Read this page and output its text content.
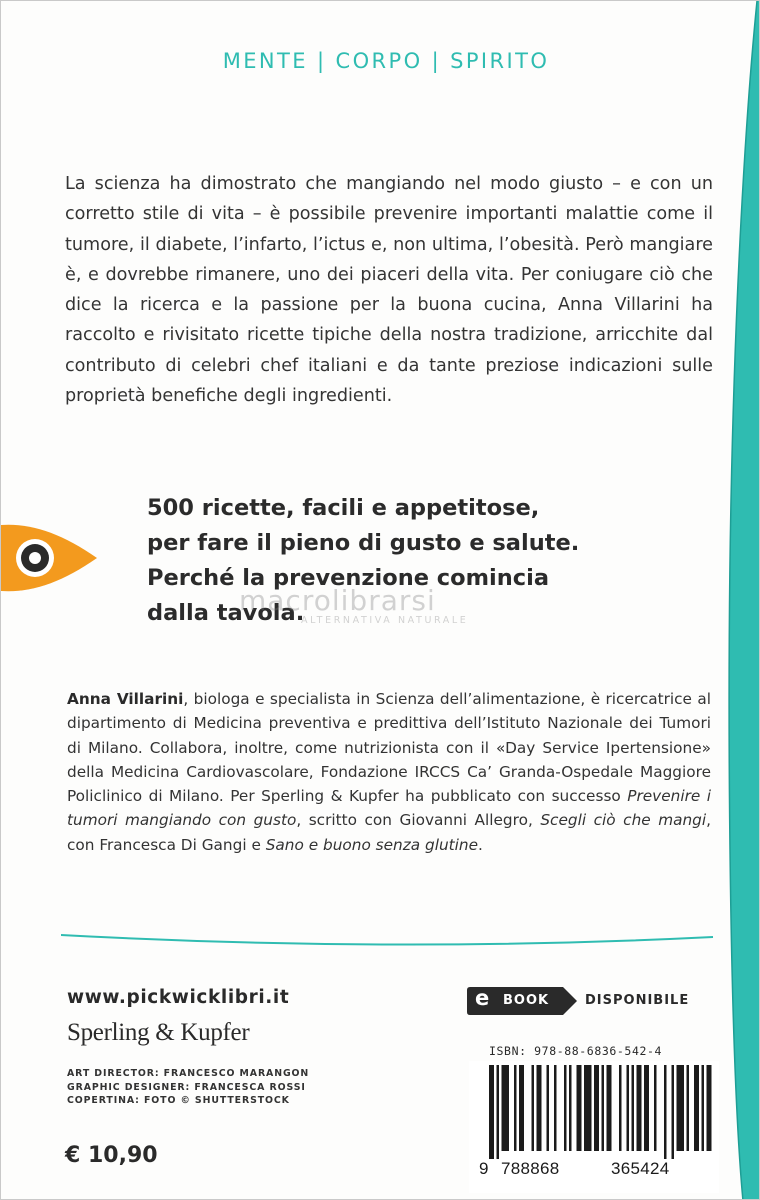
MENTE | CORPO | SPIRITO
La scienza ha dimostrato che mangiando nel modo giusto – e con un corretto stile di vita – è possibile prevenire importanti malattie come il tumore, il diabete, l’infarto, l’ictus e, non ultima, l’obesità. Però mangiare è, e dovrebbe rimanere, uno dei piaceri della vita. Per coniugare ciò che dice la ricerca e la passione per la buona cucina, Anna Villarini ha raccolto e rivisitato ricette tipiche della nostra tradizione, arricchite dal contributo di celebri chef italiani e da tante preziose indicazioni sulle proprietà benefiche degli ingredienti.
500 ricette, facili e appetitose,
per fare il pieno di gusto e salute.
Perché la prevenzione comincia
dalla tavola.
macrolibrarsi
ALTERNATIVA NATURALE
Anna Villarini, biologa e specialista in Scienza dell’alimentazione, è ricercatrice al dipartimento di Medicina preventiva e predittiva dell’Istituto Nazionale dei Tumori di Milano. Collabora, inoltre, come nutrizionista con il «Day Service Ipertensione» della Medicina Cardiovascolare, Fondazione IRCCS Ca’ Granda-Ospedale Maggiore Policlinico di Milano. Per Sperling & Kupfer ha pubblicato con successo Prevenire i tumori mangiando con gusto, scritto con Giovanni Allegro, Scegli ciò che mangi, con Francesca Di Gangi e Sano e buono senza glutine.
www.pickwicklibri.it
Sperling & Kupfer
ART DIRECTOR: FRANCESCO MARANGON
GRAPHIC DESIGNER: FRANCESCA ROSSI
COPERTINA: FOTO © SHUTTERSTOCK
€ 10,90
e BOOK	DISPONIBILE
ISBN: 978-88-6836-542-4
9 788868	365424
